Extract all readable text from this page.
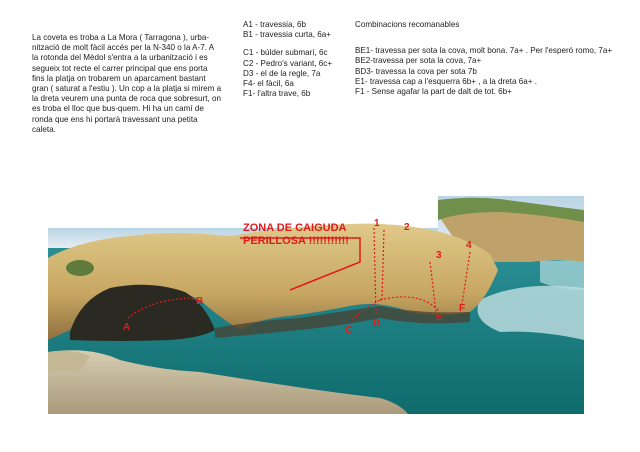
La coveta es troba a La Mora ( Tarragona ), urba-nització de molt fàcil accés per la N-340 o la A-7. A la rotonda del Mèdol s'entra a la urbanització i es segueix tot recte el carrer principal que ens porta fins la platja on trobarem un aparcament bastant gran ( saturat a l'estiu ). Un cop a la platja si mirem a la dreta veurem una punta de roca que sobresurt, on es troba el lloc que bus-quem. Hi ha un camí de ronda que ens hi portarà travessant una petita caleta.

A1 - travessia, 6b
B1 - travessia curta, 6a+
C1 - búlder submarí, 6c
C2 - Pedro's variant, 6c+
D3 - el de la regle, 7a
F4- el fàcil, 6a
F1- l'altra trave, 6b
Combinacions recomanables
BE1- travessa per sota la cova, molt bona. 7a+ . Per l'esperó romo, 7a+
BE2-travessa per sota la cova, 7a+
BD3- travessa la cova per sota 7b
E1- travessa cap a l'esquerra 6b+ , a la dreta 6a+ .
F1 - Sense agafar la part de dalt de tot. 6b+
A
B
C
D
E
F
1 2
3
4
ZONA DE CAIGUDA
PERILLOSA !!!!!!!!!!!
